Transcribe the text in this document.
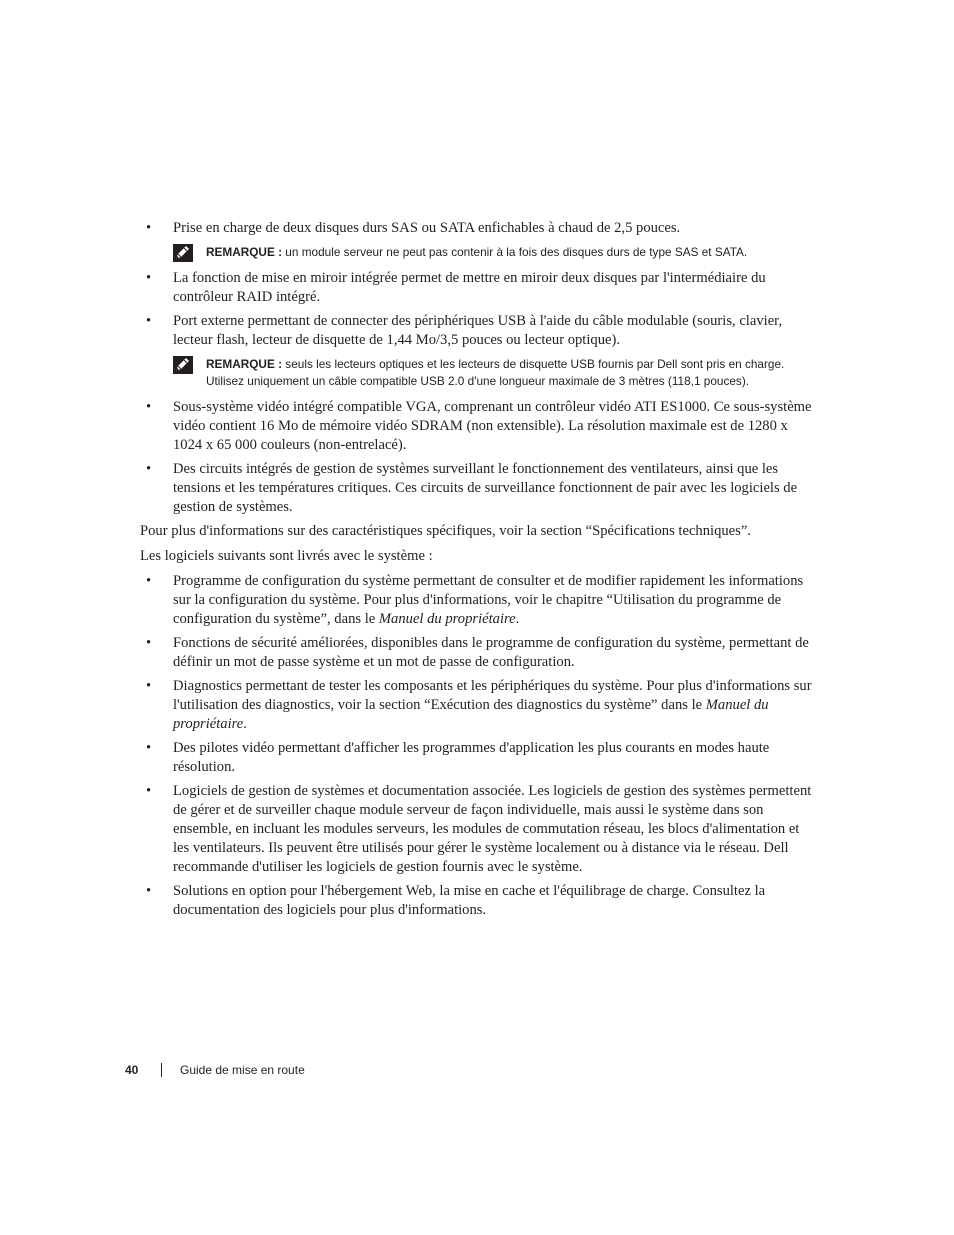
•	Prise en charge de deux disques durs SAS ou SATA enfichables à chaud de 2,5 pouces.
REMARQUE : un module serveur ne peut pas contenir à la fois des disques durs de type SAS et SATA.
•	La fonction de mise en miroir intégrée permet de mettre en miroir deux disques par l'intermédiaire du contrôleur RAID intégré.
•	Port externe permettant de connecter des périphériques USB à l'aide du câble modulable (souris, clavier, lecteur flash, lecteur de disquette de 1,44 Mo/3,5 pouces ou lecteur optique).
REMARQUE : seuls les lecteurs optiques et les lecteurs de disquette USB fournis par Dell sont pris en charge. Utilisez uniquement un câble compatible USB 2.0 d'une longueur maximale de 3 mètres (118,1 pouces).
•	Sous-système vidéo intégré compatible VGA, comprenant un contrôleur vidéo ATI ES1000. Ce sous-système vidéo contient 16 Mo de mémoire vidéo SDRAM (non extensible). La résolution maximale est de 1280 x 1024 x 65 000 couleurs (non-entrelacé).
•	Des circuits intégrés de gestion de systèmes surveillant le fonctionnement des ventilateurs, ainsi que les tensions et les températures critiques. Ces circuits de surveillance fonctionnent de pair avec les logiciels de gestion de systèmes.
Pour plus d'informations sur des caractéristiques spécifiques, voir la section “Spécifications techniques”.
Les logiciels suivants sont livrés avec le système :
•	Programme de configuration du système permettant de consulter et de modifier rapidement les informations sur la configuration du système. Pour plus d'informations, voir le chapitre “Utilisation du programme de configuration du système”, dans le Manuel du propriétaire.
•	Fonctions de sécurité améliorées, disponibles dans le programme de configuration du système, permettant de définir un mot de passe système et un mot de passe de configuration.
•	Diagnostics permettant de tester les composants et les périphériques du système. Pour plus d'informations sur l'utilisation des diagnostics, voir la section “Exécution des diagnostics du système” dans le Manuel du propriétaire.
•	Des pilotes vidéo permettant d'afficher les programmes d'application les plus courants en modes haute résolution.
•	Logiciels de gestion de systèmes et documentation associée. Les logiciels de gestion des systèmes permettent de gérer et de surveiller chaque module serveur de façon individuelle, mais aussi le système dans son ensemble, en incluant les modules serveurs, les modules de commutation réseau, les blocs d'alimentation et les ventilateurs. Ils peuvent être utilisés pour gérer le système localement ou à distance via le réseau. Dell recommande d'utiliser les logiciels de gestion fournis avec le système.
•	Solutions en option pour l'hébergement Web, la mise en cache et l'équilibrage de charge. Consultez la documentation des logiciels pour plus d'informations.
40	Guide de mise en route
